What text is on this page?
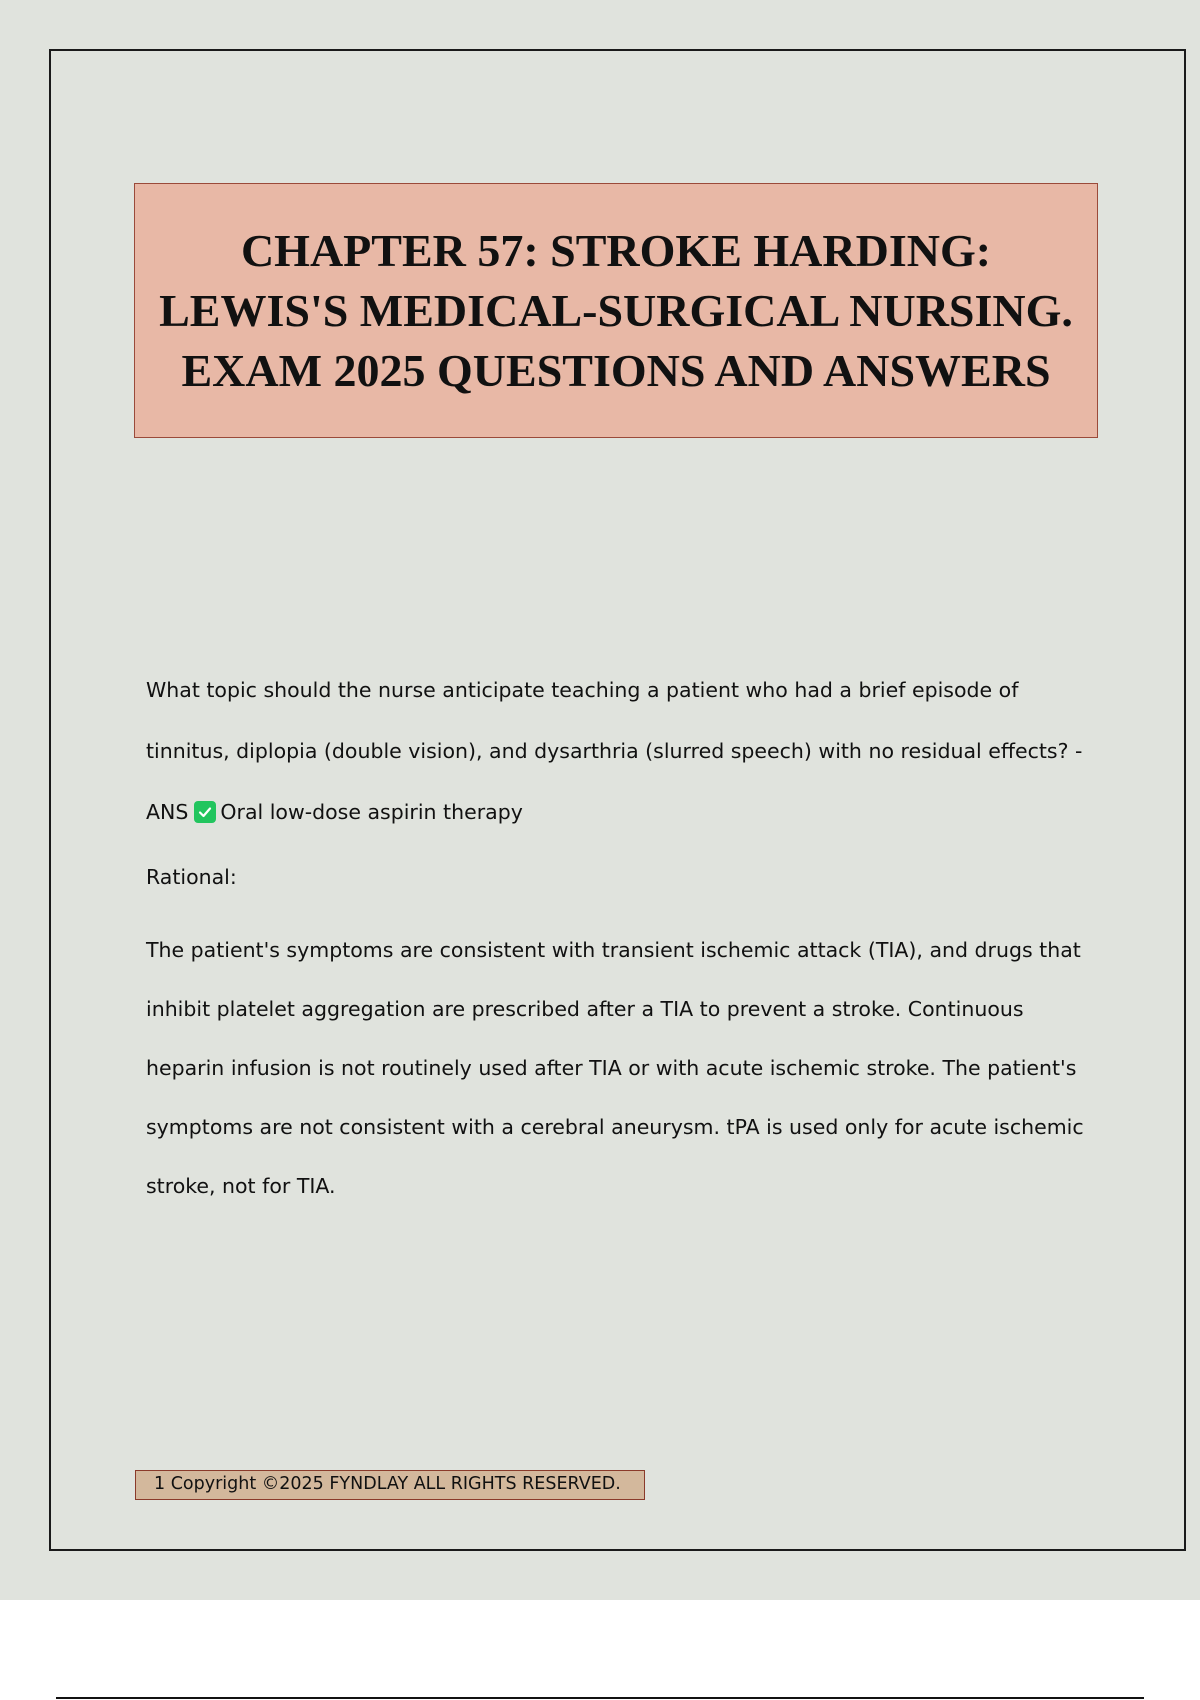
CHAPTER 57: STROKE HARDING: LEWIS'S MEDICAL-SURGICAL NURSING. EXAM 2025 QUESTIONS AND ANSWERS

What topic should the nurse anticipate teaching a patient who had a brief episode of tinnitus, diplopia (double vision), and dysarthria (slurred speech) with no residual effects? - ANS Oral low-dose aspirin therapy

Rational:

The patient's symptoms are consistent with transient ischemic attack (TIA), and drugs that inhibit platelet aggregation are prescribed after a TIA to prevent a stroke. Continuous heparin infusion is not routinely used after TIA or with acute ischemic stroke. The patient's symptoms are not consistent with a cerebral aneurysm. tPA is used only for acute ischemic stroke, not for TIA.

1 Copyright ©2025 FYNDLAY ALL RIGHTS RESERVED.
